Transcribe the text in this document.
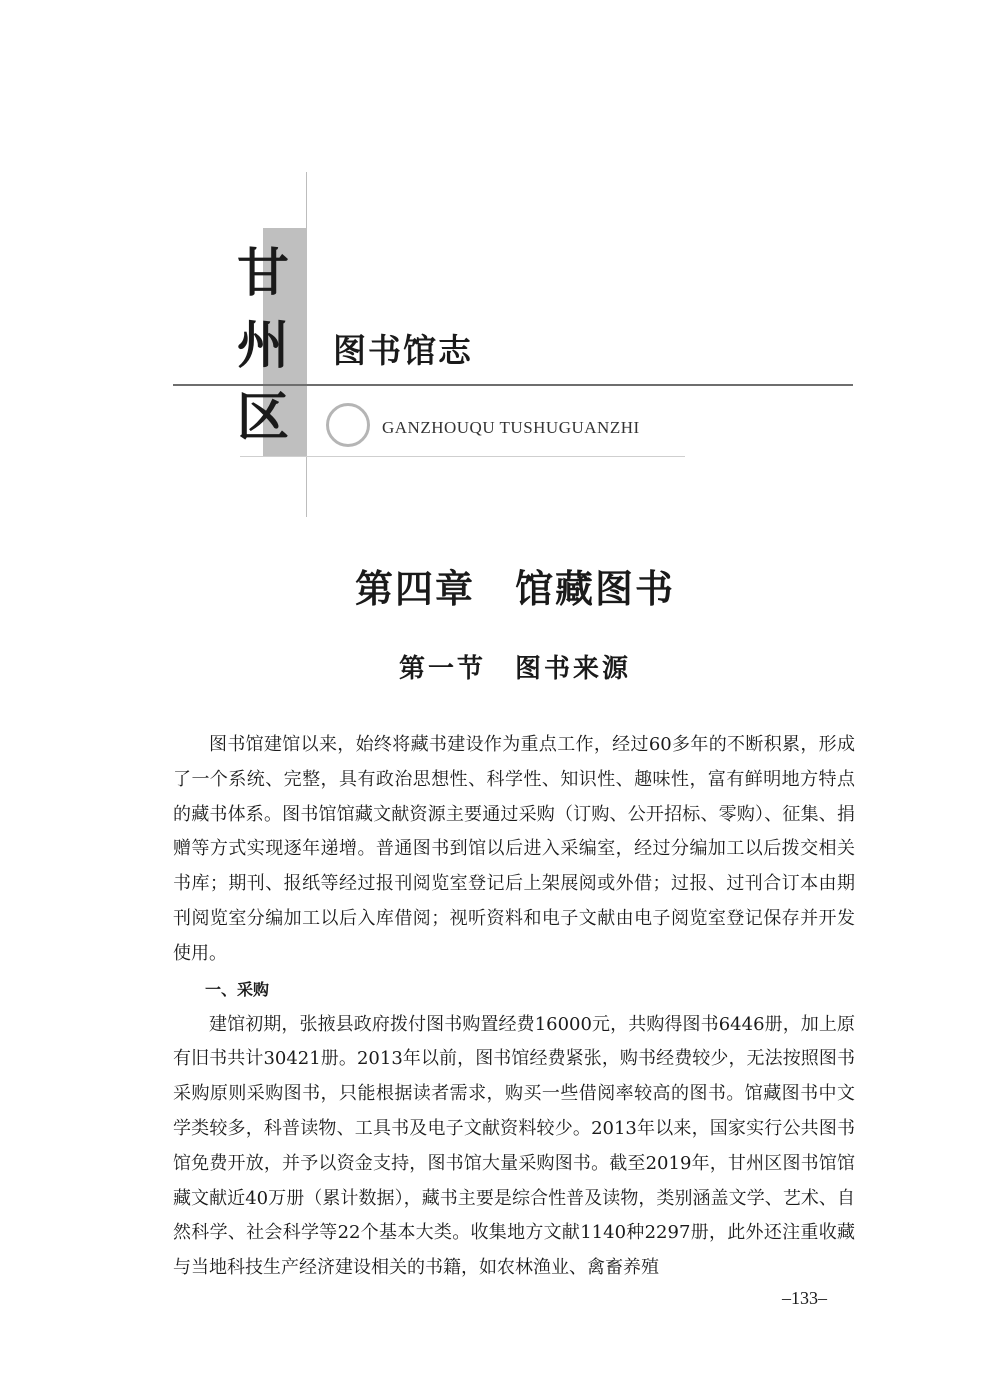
甘
州
区
图书馆志
GANZHOUQU TUSHUGUANZHI
第四章　馆藏图书
第一节　图书来源

图书馆建馆以来，始终将藏书建设作为重点工作，经过60多年的不断积累，形成了一个系统、完整，具有政治思想性、科学性、知识性、趣味性，富有鲜明地方特点的藏书体系。图书馆馆藏文献资源主要通过采购（订购、公开招标、零购）、征集、捐赠等方式实现逐年递增。普通图书到馆以后进入采编室，经过分编加工以后拨交相关书库；期刊、报纸等经过报刊阅览室登记后上架展阅或外借；过报、过刊合订本由期刊阅览室分编加工以后入库借阅；视听资料和电子文献由电子阅览室登记保存并开发使用。

一、采购

建馆初期，张掖县政府拨付图书购置经费16000元，共购得图书6446册，加上原有旧书共计30421册。2013年以前，图书馆经费紧张，购书经费较少，无法按照图书采购原则采购图书，只能根据读者需求，购买一些借阅率较高的图书。馆藏图书中文学类较多，科普读物、工具书及电子文献资料较少。2013年以来，国家实行公共图书馆免费开放，并予以资金支持，图书馆大量采购图书。截至2019年，甘州区图书馆馆藏文献近40万册（累计数据），藏书主要是综合性普及读物，类别涵盖文学、艺术、自然科学、社会科学等22个基本大类。收集地方文献1140种2297册，此外还注重收藏与当地科技生产经济建设相关的书籍，如农林渔业、禽畜养殖

–133–
